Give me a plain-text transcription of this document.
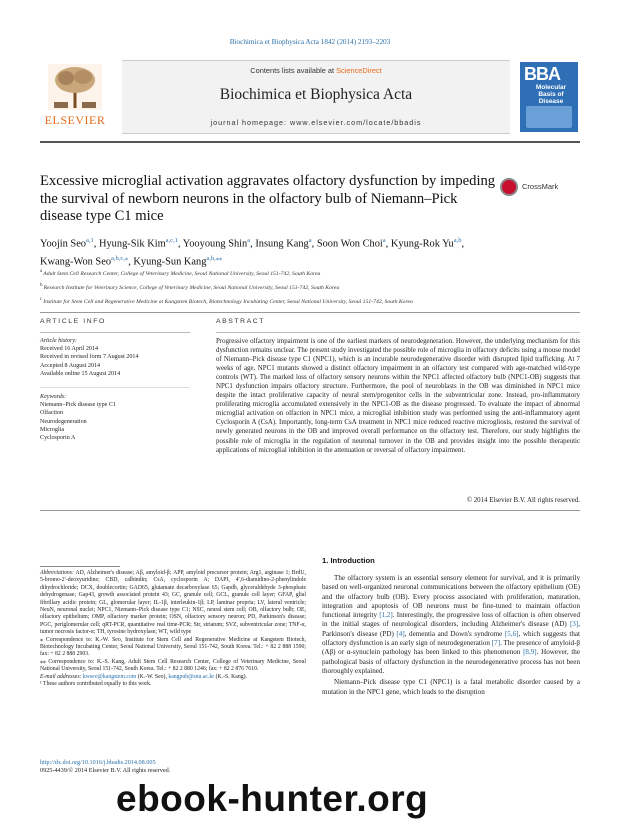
Biochimica et Biophysica Acta 1842 (2014) 2193–2203
ELSEVIER
Contents lists available at ScienceDirect
Biochimica et Biophysica Acta
journal homepage: www.elsevier.com/locate/bbadis
BBA
Molecular Basis of Disease
Excessive microglial activation aggravates olfactory dysfunction by impeding the survival of newborn neurons in the olfactory bulb of Niemann–Pick disease type C1 mice
CrossMark
Yoojin Seo$^{a,1}$, Hyung-Sik Kim$^{a,c,1}$, Yooyoung Shin$^a$, Insung Kang$^a$, Soon Won Choi$^a$, Kyung-Rok Yu$^{a,b}$,
Kwang-Won Seo$^{a,b,c,⁎}$, Kyung-Sun Kang$^{a,b,⁎⁎}$
$^a$ Adult Stem Cell Research Center, College of Veterinary Medicine, Seoul National University, Seoul 151-742, South Korea
$^b$ Research Institute for Veterinary Science, College of Veterinary Medicine, Seoul National University, Seoul 151-742, South Korea
$^c$ Institute for Stem Cell and Regenerative Medicine at Kangstem Biotech, Biotechnology Incubating Center, Seoul National University, Seoul 151-742, South Korea
ARTICLE INFO	ABSTRACT
Article history:
Received 16 April 2014
Received in revised form 7 August 2014
Accepted 8 August 2014
Available online 15 August 2014
Keywords:
Niemann–Pick disease type C1
Olfaction
Neurodegeneration
Microglia
Cyclosporin A
Progressive olfactory impairment is one of the earliest markers of neurodegeneration. However, the underlying mechanism for this dysfunction remains unclear. The present study investigated the possible role of microglia in olfactory deficits using a mouse model of Niemann–Pick disease type C1 (NPC1), which is an incurable neurodegenerative disorder with disrupted lipid trafficking. At 7 weeks of age, NPC1 mutants showed a distinct olfactory impairment in an olfactory test compared with age-matched wild-type controls (WT). The marked loss of olfactory sensory neurons within the NPC1 affected olfactory bulb (NPC1-OB) suggests that NPC1 dysfunction impairs olfactory structure. Furthermore, the pool of neuroblasts in the OB was diminished in NPC1 mice despite the intact proliferative capacity of neural stem/progenitor cells in the subventricular zone. Instead, pro-inflammatory proliferating microglia accumulated extensively in the NPC1-OB as the disease progressed. To evaluate the impact of abnormal microglial activation on olfaction in NPC1 mice, a microglial inhibition study was performed using the anti-inflammatory agent Cyclosporin A (CsA). Importantly, long-term CsA treatment in NPC1 mice reduced reactive microgliosis, restored the survival of newly generated neurons in the OB and improved overall performance on the olfactory test. Therefore, our study highlights the possible role of microglia in the regulation of neuronal turnover in the OB and provides insight into the possible therapeutic applications of microglial inhibition in the attenuation or reversal of olfactory impairment.
© 2014 Elsevier B.V. All rights reserved.

Abbreviations: AD, Alzheimer's disease; Aβ, amyloid-β; APP, amyloid precursor protein; Arg1, arginase 1; BrdU, 5-bromo-2′-deoxyuridine; CBD, calbindin; CsA, cyclosporin A; DAPI, 4′,6-diamidino-2-phenylindole dihydrochloride; DCX, doublecortin; GAD65, glutamate decarboxylase 65; Gapdh, glyceraldehyde 3-phosphate dehydrogenase; Gap43, growth associated protein 43; GC, granule cell; GCL, granule cell layer; GFAP, glial fibrillary acidic protein; GL, glomerular layer; IL-1β, interleukin-1β; LP, laminar propria; LV, lateral ventricle; NeuN, neuronal nuclei; NPC1, Niemann–Pick disease type C1; NSC, neural stem cell; OB, olfactory bulb; OE, olfactory epithelium; OMP, olfactory marker protein; OSN, olfactory sensory neuron; PD, Parkinson's disease; PGC, periglomerular cell; qRT-PCR, quantitative real time-PCR; Str, striatum; SVZ, subventricular zone; TNF-α, tumor necrosis factor-α; TH, tyrosine hydroxylase; WT, wild type

⁎ Correspondence to: K.-W. Seo, Institute for Stem Cell and Regenerative Medicine at Kangstem Biotech, Biotechnology Incubating Center, Seoul National University, Seoul 151-742, South Korea. Tel.: + 82 2 888 1590; fax: + 82 2 888 2903.

⁎⁎ Correspondence to: K.-S. Kang, Adult Stem Cell Research Center, College of Veterinary Medicine, Seoul National University, Seoul 151-742, South Korea. Tel.: + 82 2 880 1246; fax: + 82 2 876 7610.

E-mail addresses: kwseo@kangstem.com (K.-W. Seo), kangpub@snu.ac.kr (K.-S. Kang).

¹ These authors contributed equally to this work.

1. Introduction

The olfactory system is an essential sensory element for survival, and it is primarily based on well-organized neuronal communications between the olfactory epithelium (OE) and the olfactory bulb (OB). Every process associated with proliferation, maturation, integration and apoptosis of OB neurons must be fine-tuned to maintain olfaction functional integrity [1,2]. Interestingly, the progressive loss of olfaction is often observed in the initial stages of neurological disorders, including Alzheimer's disease (AD) [3], Parkinson's disease (PD) [4], dementia and Down's syndrome [5,6], which suggests that olfactory dysfunction is an early sign of neurodegeneration [7]. The presence of amyloid-β (Aβ) or α-synuclein pathology has been linked to this phenomenon [8,9]. However, the pathological basis of olfactory dysfunction in the neurodegenerative process has not been thoroughly explained.

Niemann–Pick disease type C1 (NPC1) is a fatal metabolic disorder caused by a mutation in the NPC1 gene, which leads to the disruption

http://dx.doi.org/10.1016/j.bbadis.2014.08.005
0925-4439/© 2014 Elsevier B.V. All rights reserved.
ebook-hunter.org
